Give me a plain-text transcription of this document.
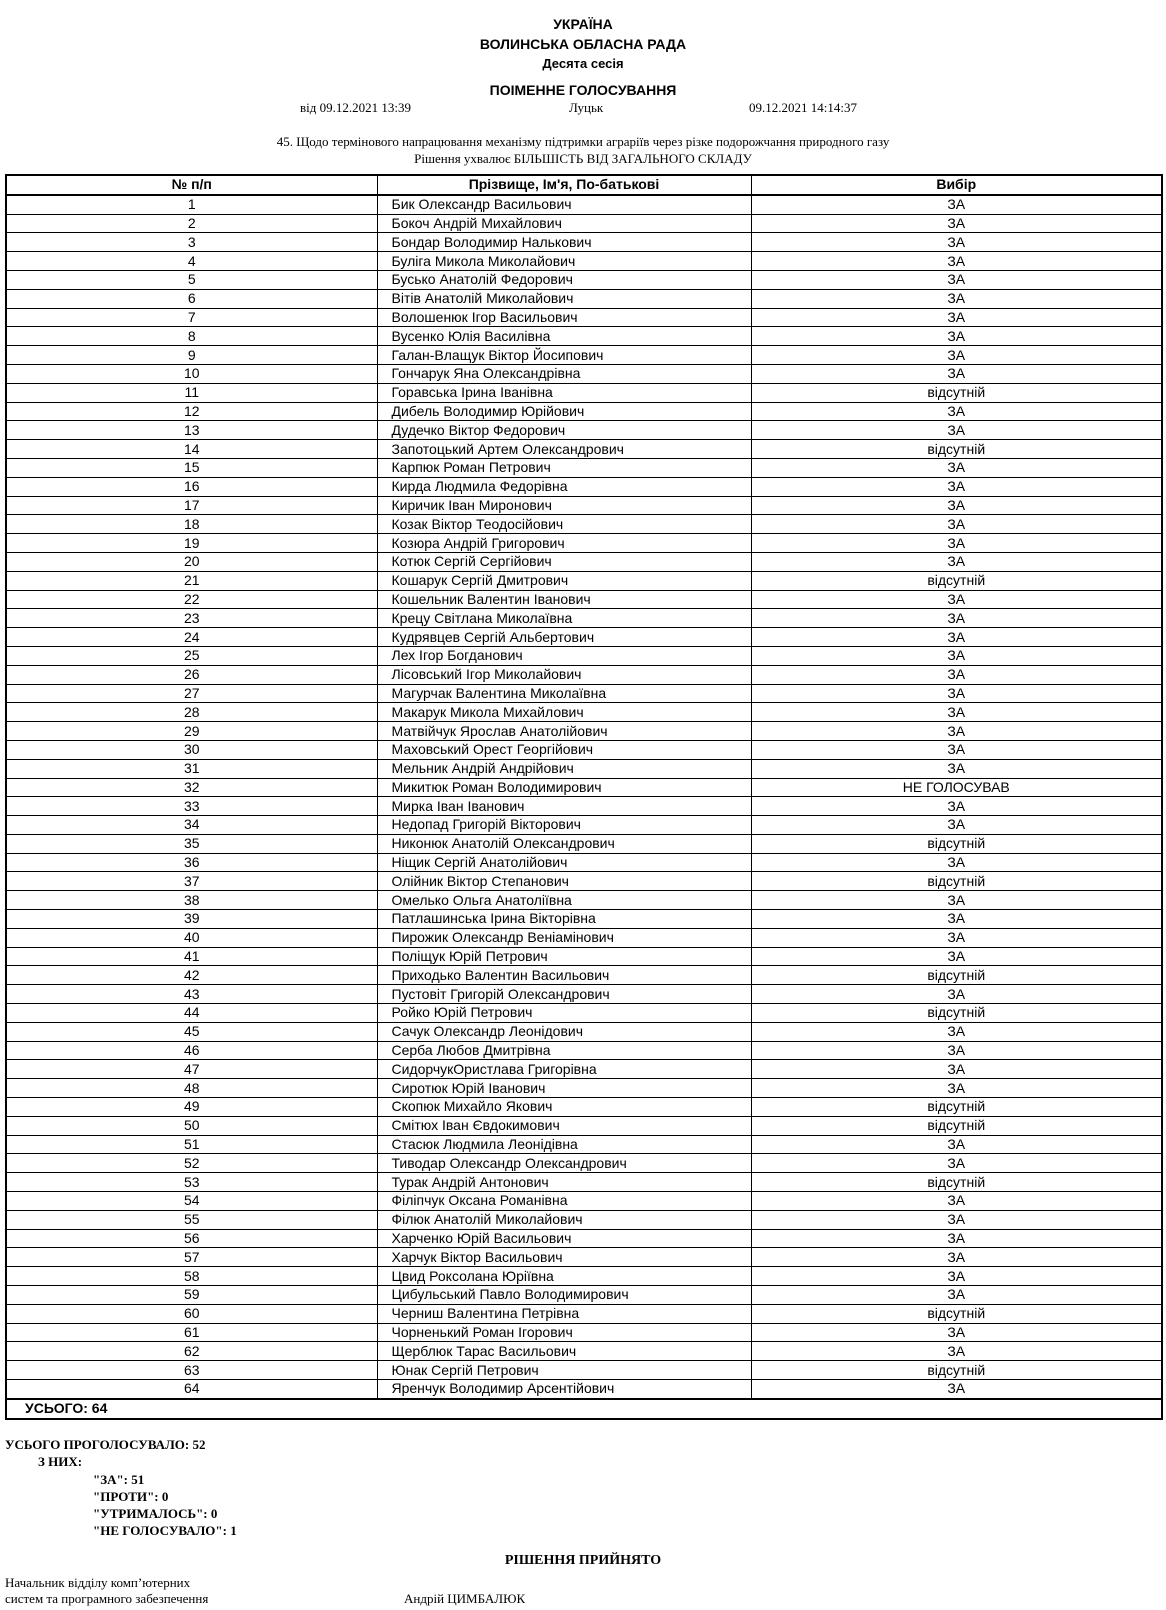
УКРАЇНА
ВОЛИНСЬКА ОБЛАСНА РАДА
Десята сесія
ПОІМЕННЕ ГОЛОСУВАННЯ
від 09.12.2021 13:39	Луцьк	09.12.2021 14:14:37
45. Щодо термінового напрацювання механізму підтримки аграріїв через різке подорожчання природного газу
Рішення ухвалює БІЛЬШІСТЬ ВІД ЗАГАЛЬНОГО СКЛАДУ
№ п/п	Прізвище, Ім'я, По-батькові	Вибір
1	Бик Олександр Васильович	ЗА
2	Бокоч Андрій Михайлович	ЗА
3	Бондар Володимир Налькович	ЗА
4	Буліга Микола Миколайович	ЗА
5	Бусько Анатолій Федорович	ЗА
6	Вітів Анатолій Миколайович	ЗА
7	Волошенюк Ігор Васильович	ЗА
8	Вусенко Юлія Василівна	ЗА
9	Галан-Влащук Віктор Йосипович	ЗА
10	Гончарук Яна Олександрівна	ЗА
11	Горавська Ірина Іванівна	відсутній
12	Дибель Володимир Юрійович	ЗА
13	Дудечко Віктор Федорович	ЗА
14	Запотоцький Артем Олександрович	відсутній
15	Карпюк Роман Петрович	ЗА
16	Кирда Людмила Федорівна	ЗА
17	Киричик Іван Миронович	ЗА
18	Козак Віктор Теодосійович	ЗА
19	Козюра Андрій Григорович	ЗА
20	Котюк Сергій Сергійович	ЗА
21	Кошарук Сергій Дмитрович	відсутній
22	Кошельник Валентин Іванович	ЗА
23	Крецу Світлана Миколаївна	ЗА
24	Кудрявцев Сергій Альбертович	ЗА
25	Лех Ігор Богданович	ЗА
26	Лісовський Ігор Миколайович	ЗА
27	Магурчак Валентина Миколаївна	ЗА
28	Макарук Микола Михайлович	ЗА
29	Матвійчук Ярослав Анатолійович	ЗА
30	Маховський Орест Георгійович	ЗА
31	Мельник Андрій Андрійович	ЗА
32	Микитюк Роман Володимирович	НЕ ГОЛОСУВАВ
33	Мирка Іван Іванович	ЗА
34	Недопад Григорій Вікторович	ЗА
35	Никонюк Анатолій Олександрович	відсутній
36	Ніщик Сергій Анатолійович	ЗА
37	Олійник Віктор Степанович	відсутній
38	Омелько Ольга Анатоліївна	ЗА
39	Патлашинська Ірина Вікторівна	ЗА
40	Пирожик Олександр Веніамінович	ЗА
41	Поліщук Юрій Петрович	ЗА
42	Приходько Валентин Васильович	відсутній
43	Пустовіт Григорій Олександрович	ЗА
44	Ройко Юрій Петрович	відсутній
45	Сачук Олександр Леонідович	ЗА
46	Серба Любов Дмитрівна	ЗА
47	СидорчукОристлава Григорівна	ЗА
48	Сиротюк Юрій Іванович	ЗА
49	Скопюк Михайло Якович	відсутній
50	Смітюх Іван Євдокимович	відсутній
51	Стасюк Людмила Леонідівна	ЗА
52	Тиводар Олександр Олександрович	ЗА
53	Турак Андрій Антонович	відсутній
54	Філіпчук Оксана Романівна	ЗА
55	Філюк Анатолій Миколайович	ЗА
56	Харченко Юрій Васильович	ЗА
57	Харчук Віктор Васильович	ЗА
58	Цвид Роксолана Юріївна	ЗА
59	Цибульський Павло Володимирович	ЗА
60	Черниш Валентина Петрівна	відсутній
61	Чорненький Роман Ігорович	ЗА
62	Щерблюк Тарас Васильович	ЗА
63	Юнак Сергій Петрович	відсутній
64	Яренчук Володимир Арсентійович	ЗА
УСЬОГО: 64		
УСЬОГО ПРОГОЛОСУВАЛО: 52
З НИХ:
"ЗА": 51
"ПРОТИ": 0
"УТРИМАЛОСЬ": 0
"НЕ ГОЛОСУВАЛО": 1
РІШЕННЯ ПРИЙНЯТО
Начальник відділу комп’ютерних
систем та програмного забезпечення	Андрій ЦИМБАЛЮК
